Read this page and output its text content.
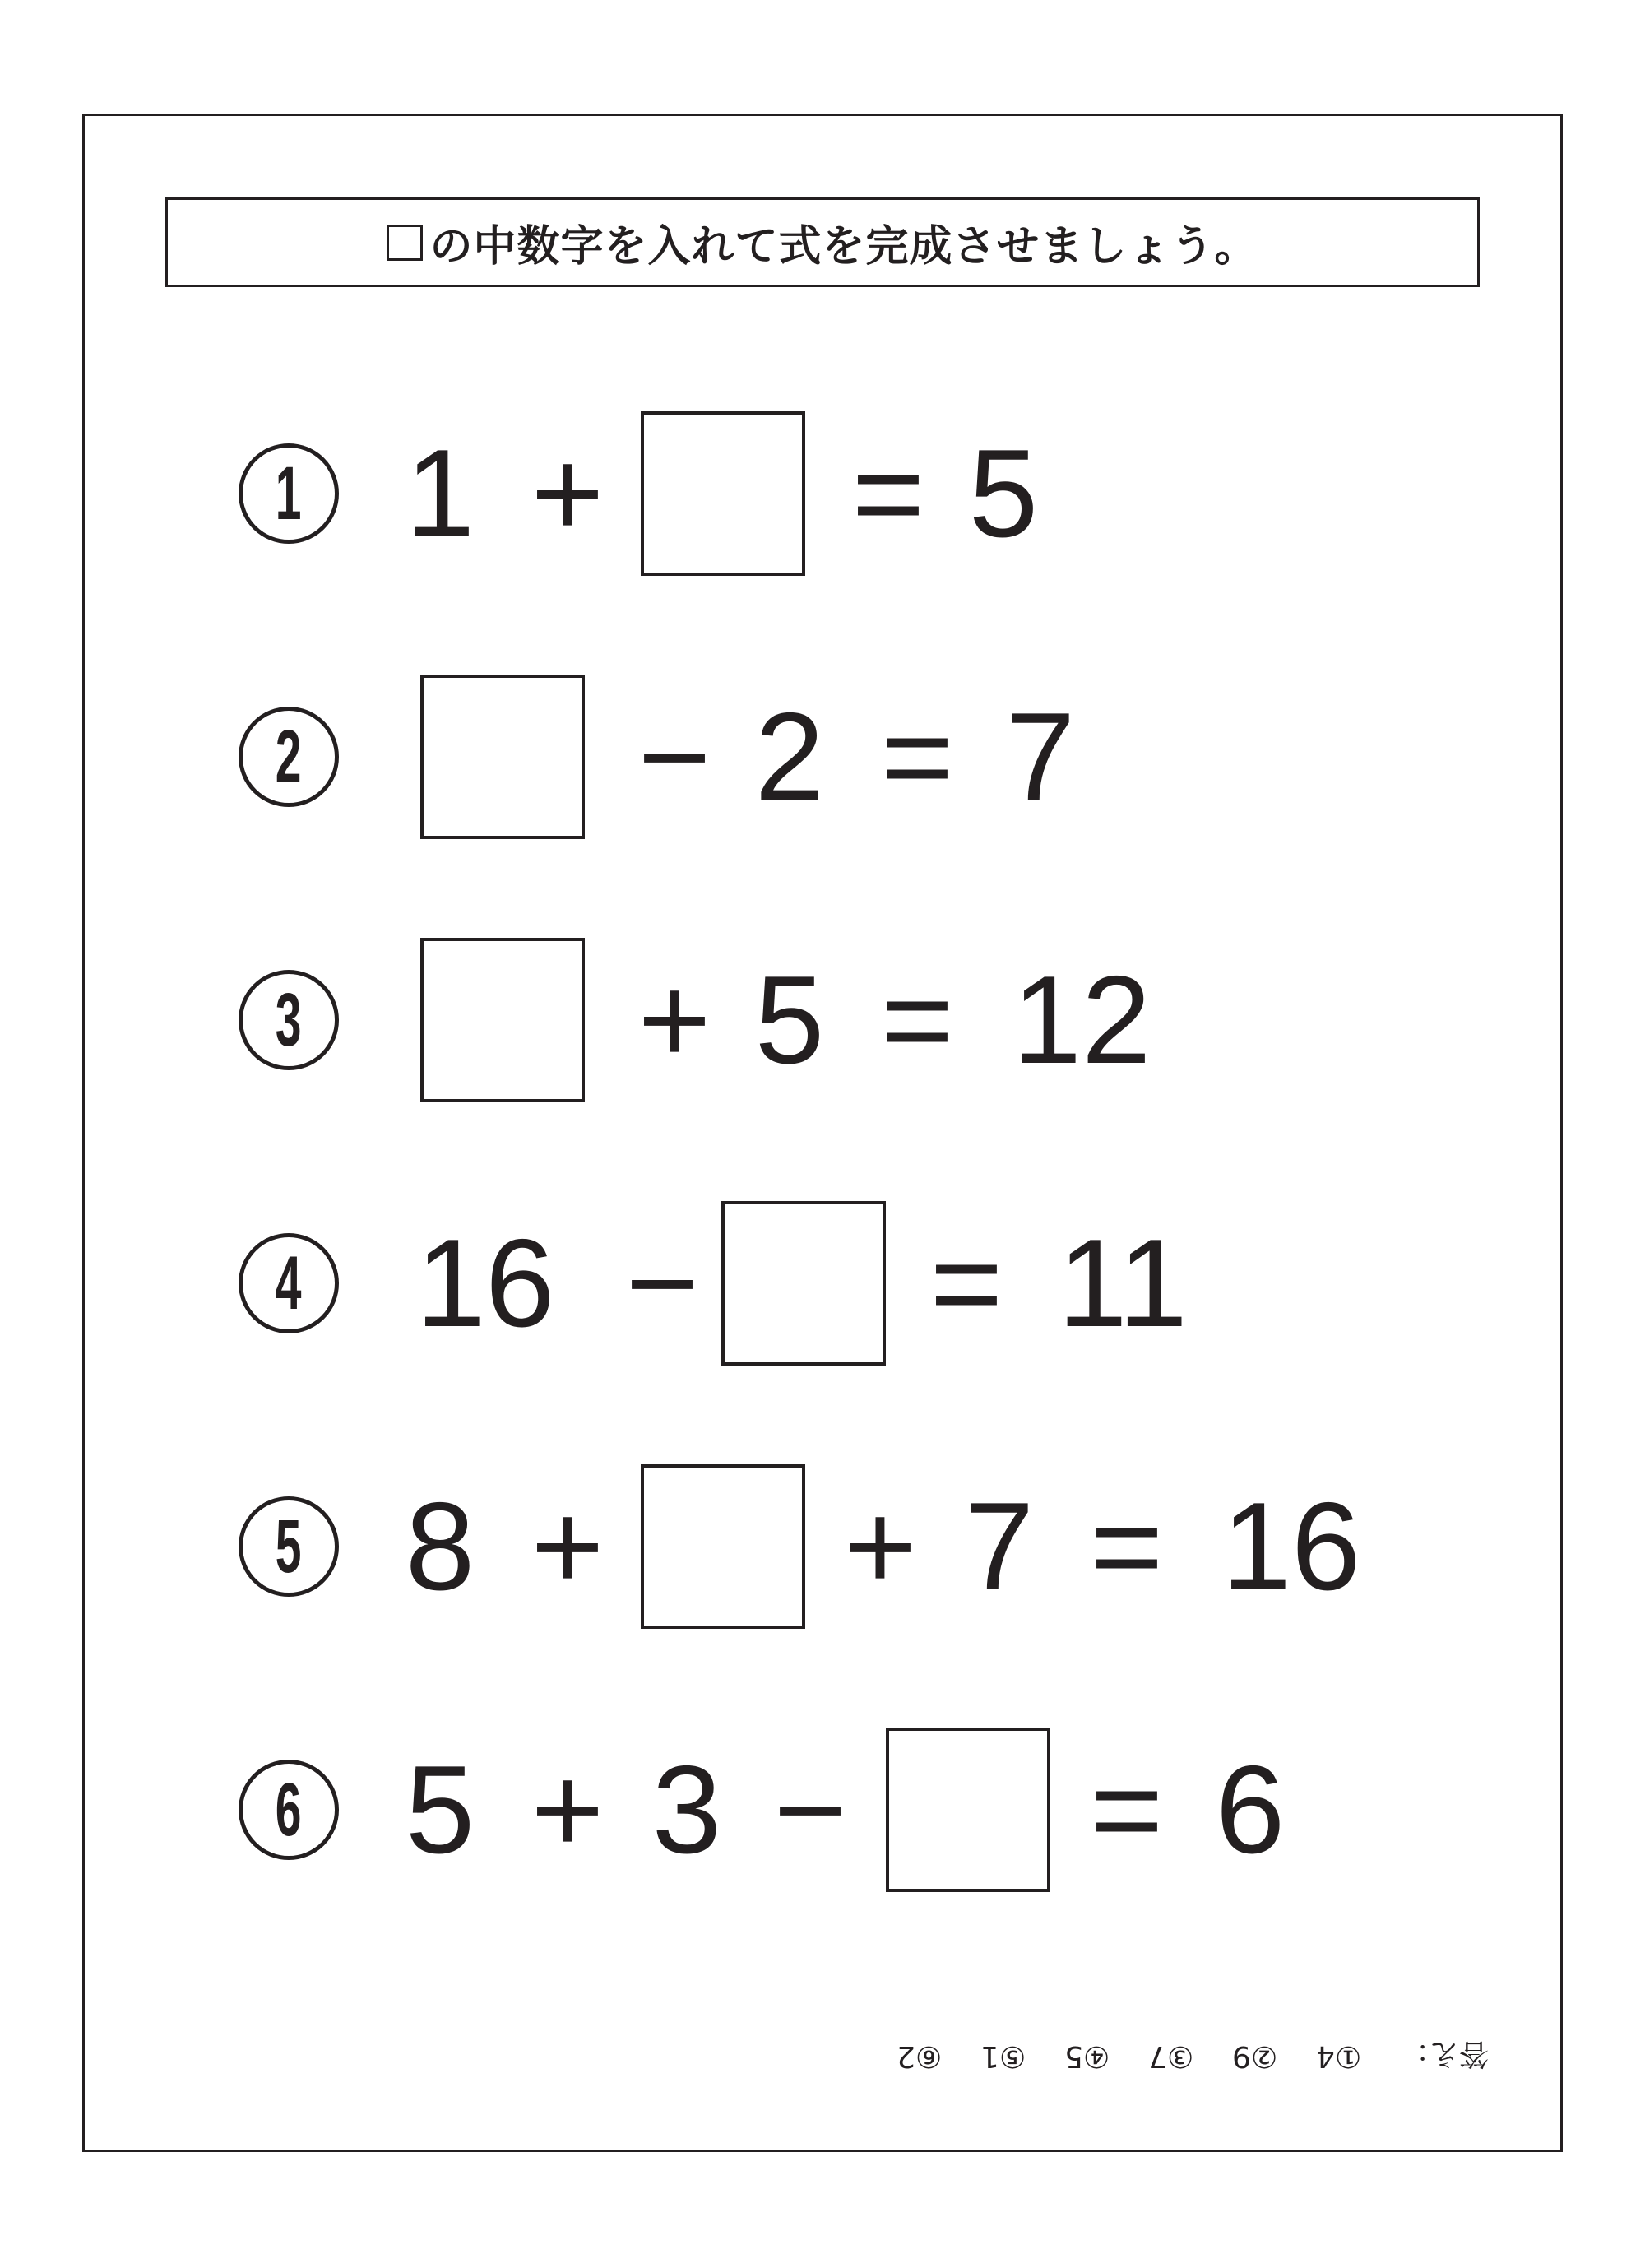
の中数字を入れて式を完成させましょう。
1 1 + = 5
2	− 2 = 7
3	+ 5 = 12
4 16 − = 11
5 8 + + 7 = 16
6 5 + 3 − = 6
答え：
①4
②9
③7
④5
⑤1
⑥2
